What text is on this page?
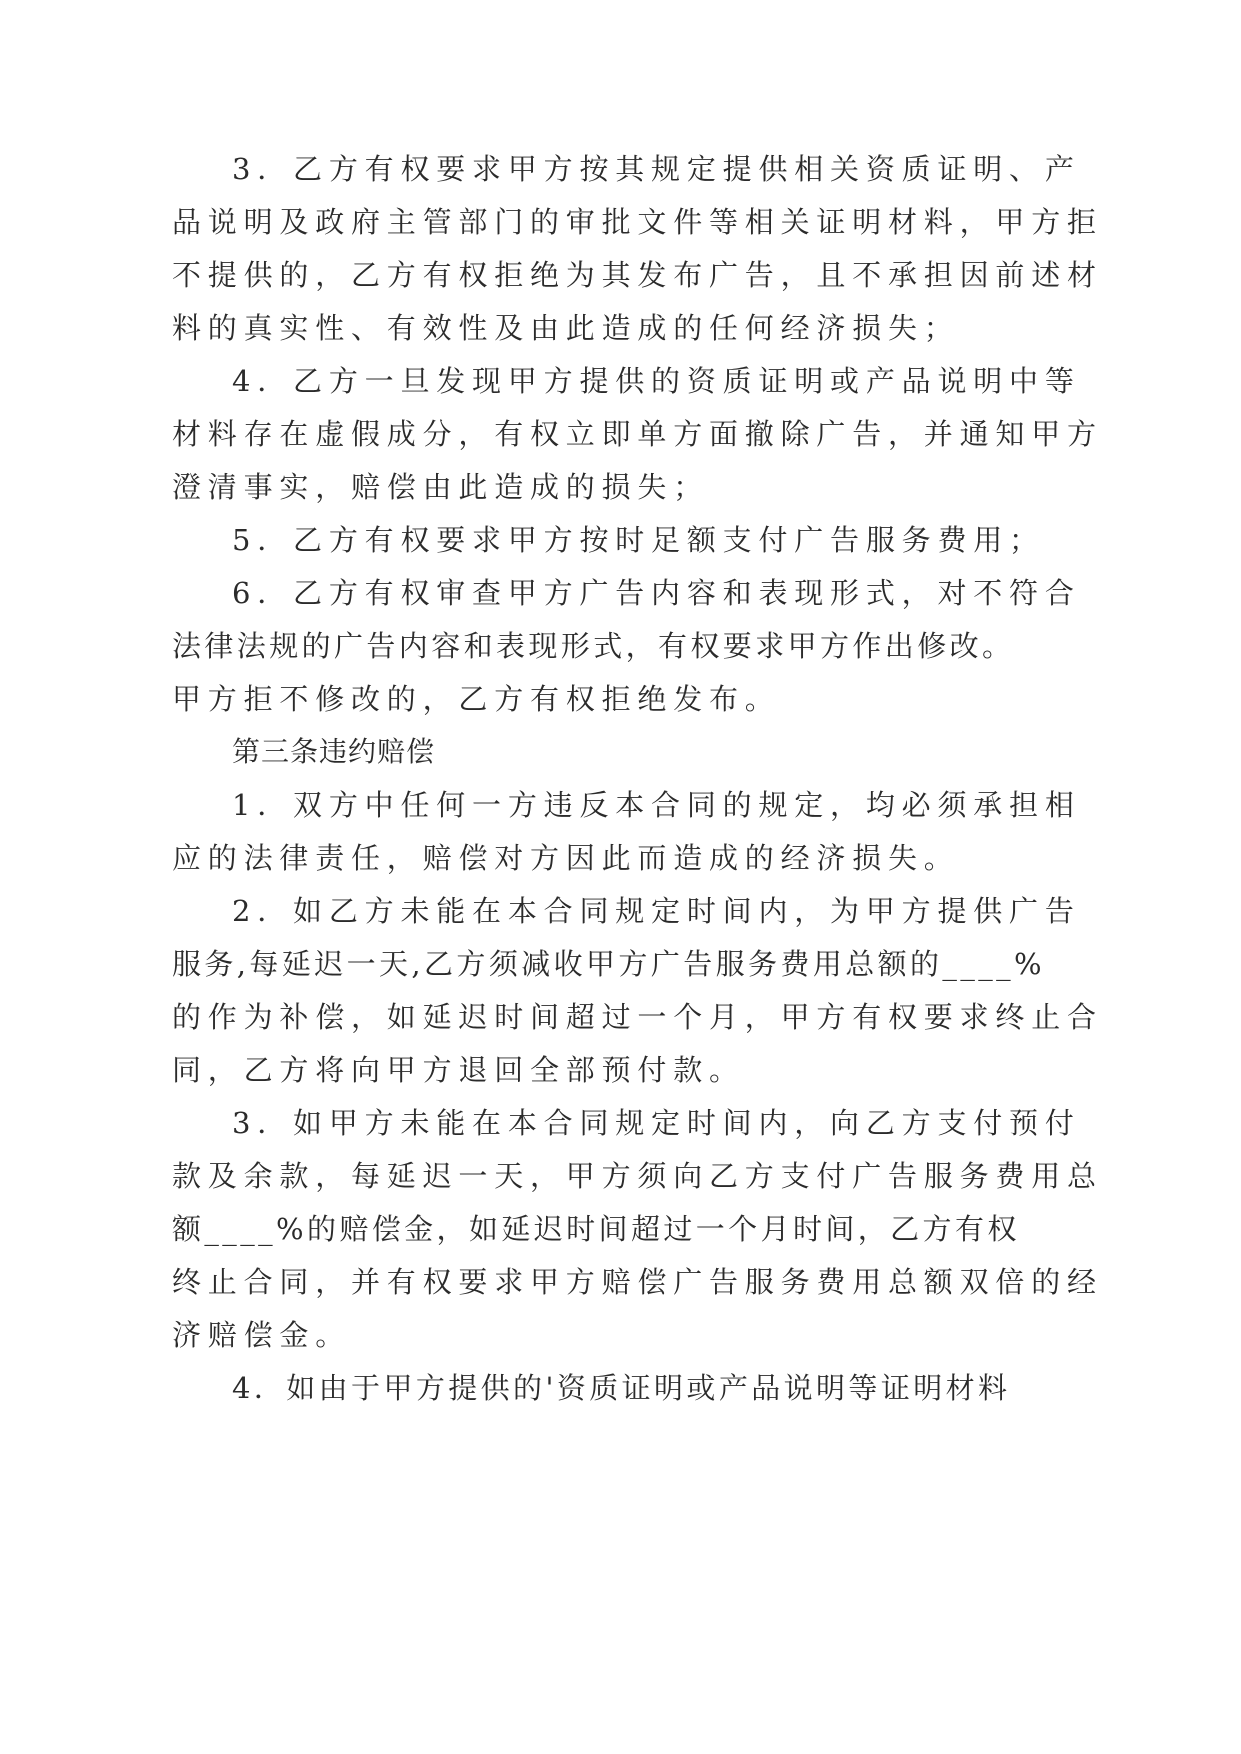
3．乙方有权要求甲方按其规定提供相关资质证明、产

品说明及政府主管部门的审批文件等相关证明材料，甲方拒

不提供的，乙方有权拒绝为其发布广告，且不承担因前述材

料的真实性、有效性及由此造成的任何经济损失；

4．乙方一旦发现甲方提供的资质证明或产品说明中等

材料存在虚假成分，有权立即单方面撤除广告，并通知甲方

澄清事实，赔偿由此造成的损失；

5．乙方有权要求甲方按时足额支付广告服务费用；

6．乙方有权审查甲方广告内容和表现形式，对不符合

法律法规的广告内容和表现形式，有权要求甲方作出修改。

甲方拒不修改的，乙方有权拒绝发布。

第三条违约赔偿

1．双方中任何一方违反本合同的规定，均必须承担相

应的法律责任，赔偿对方因此而造成的经济损失。

2．如乙方未能在本合同规定时间内，为甲方提供广告

服务,每延迟一天,乙方须减收甲方广告服务费用总额的____%

的作为补偿，如延迟时间超过一个月，甲方有权要求终止合

同，乙方将向甲方退回全部预付款。

3．如甲方未能在本合同规定时间内，向乙方支付预付

款及余款，每延迟一天，甲方须向乙方支付广告服务费用总

额____%的赔偿金，如延迟时间超过一个月时间，乙方有权

终止合同，并有权要求甲方赔偿广告服务费用总额双倍的经

济赔偿金。

4．如由于甲方提供的'资质证明或产品说明等证明材料
